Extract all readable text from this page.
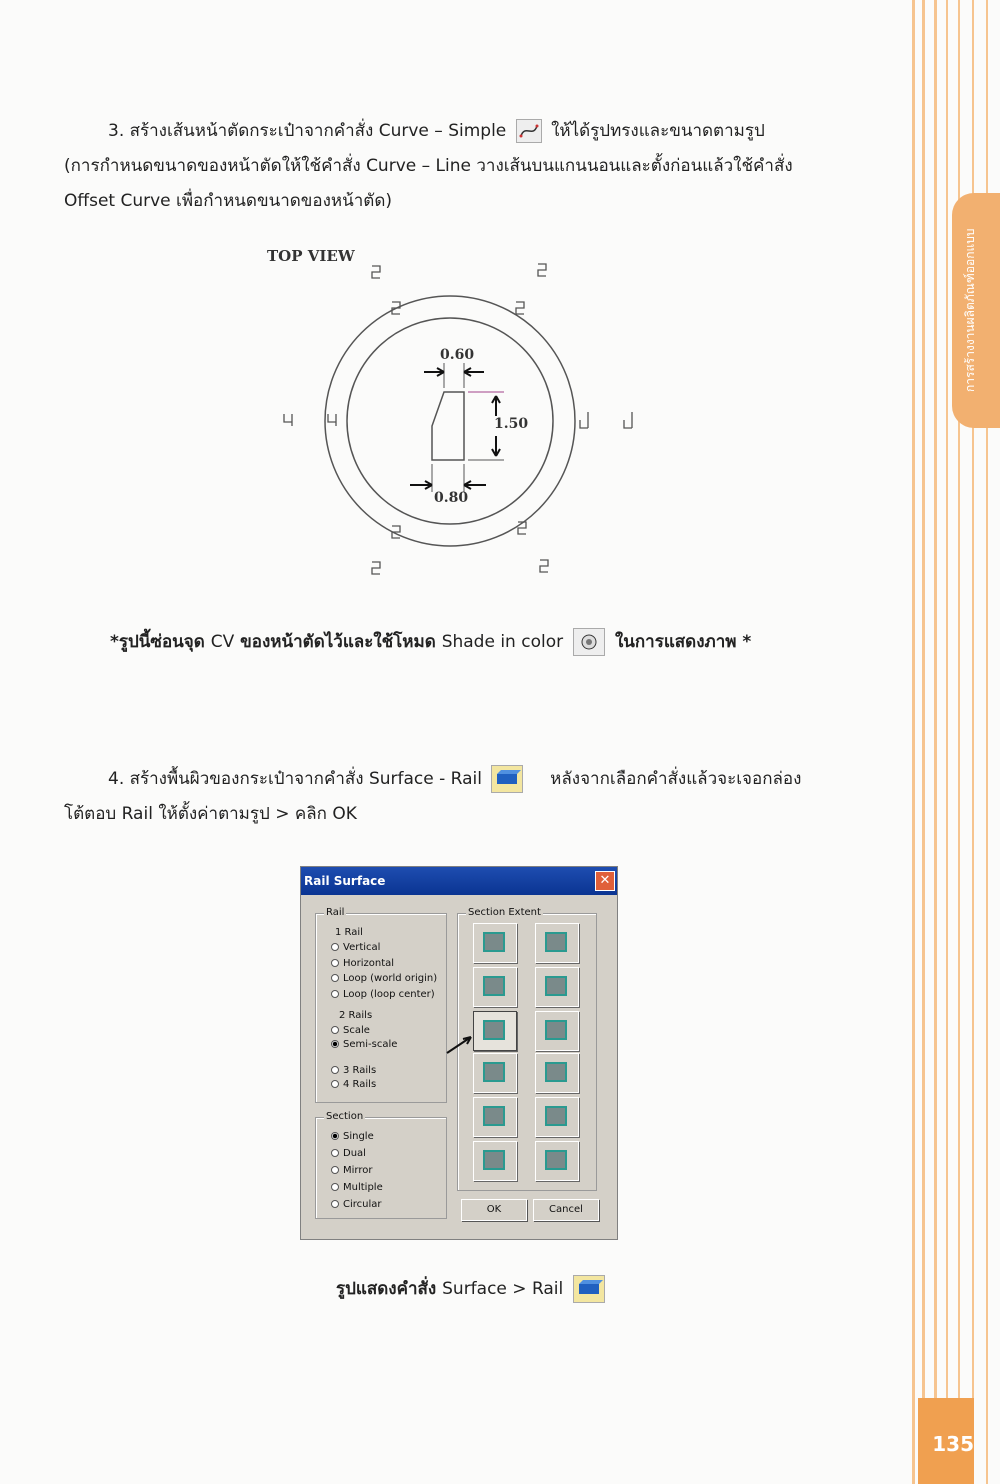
การสร้างงานผลิตภัณฑ์ออกแบบ
135
3. สร้างเส้นหน้าตัดกระเป๋าจากคำสั่ง Curve – Simple	ให้ได้รูปทรงและขนาดตามรูป
(การกำหนดขนาดของหน้าตัดให้ใช้คำสั่ง Curve – Line วางเส้นบนแกนนอนและตั้งก่อนแล้วใช้คำสั่ง
Offset Curve เพื่อกำหนดขนาดของหน้าตัด)
TOP VIEW
0.60
1.50
0.80
*รูปนี้ซ่อนจุด CV ของหน้าตัดไว้และใช้โหมด Shade in color	ในการแสดงภาพ *
4. สร้างพื้นผิวของกระเป๋าจากคำสั่ง Surface - Rail	หลังจากเลือกคำสั่งแล้วจะเจอกล่อง
โต้ตอบ Rail ให้ตั้งค่าตามรูป > คลิก OK
Rail Surface	✕
Rail
1 Rail
Vertical
Horizontal
Loop (world origin)
Loop (loop center)
2 Rails
Scale
Semi-scale
3 Rails
4 Rails
Section
Single
Dual
Mirror
Multiple
Circular
Section Extent
OK	Cancel
รูปแสดงคำสั่ง Surface > Rail
